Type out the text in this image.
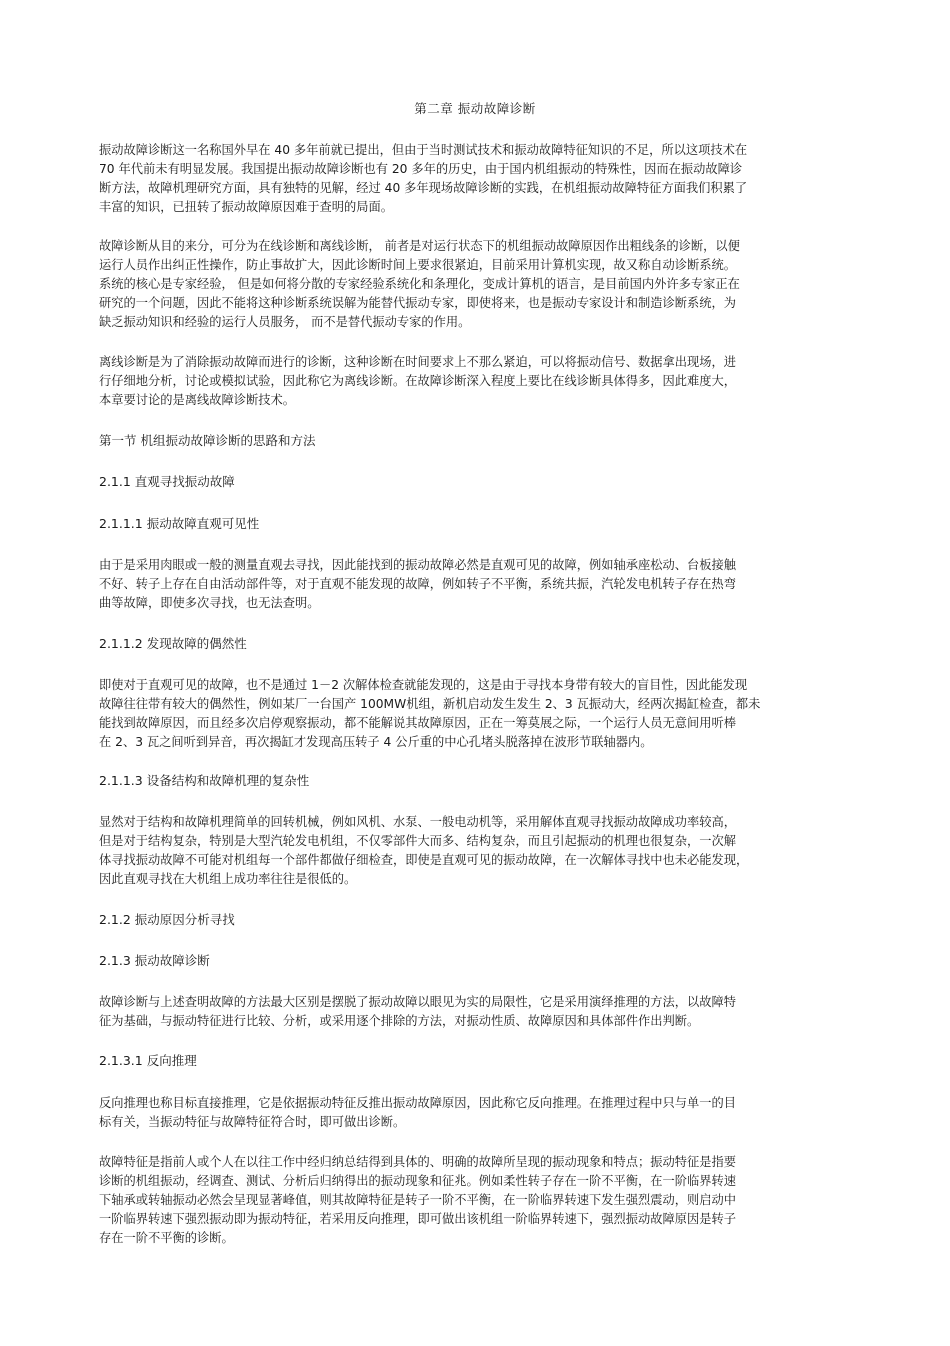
第二章 振动故障诊断
振动故障诊断这一名称国外早在 40 多年前就已提出，但由于当时测试技术和振动故障特征知识的不足，所以这项技术在
70 年代前未有明显发展。我国提出振动故障诊断也有 20 多年的历史，由于国内机组振动的特殊性，因而在振动故障诊
断方法，故障机理研究方面，具有独特的见解，经过 40 多年现场故障诊断的实践，在机组振动故障特征方面我们积累了
丰富的知识，已扭转了振动故障原因难于查明的局面。
故障诊断从目的来分，可分为在线诊断和离线诊断， 前者是对运行状态下的机组振动故障原因作出粗线条的诊断，以便
运行人员作出纠正性操作，防止事故扩大，因此诊断时间上要求很紧迫，目前采用计算机实现，故又称自动诊断系统。
系统的核心是专家经验， 但是如何将分散的专家经验系统化和条理化，变成计算机的语言，是目前国内外许多专家正在
研究的一个问题，因此不能将这种诊断系统误解为能替代振动专家，即使将来，也是振动专家设计和制造诊断系统，为
缺乏振动知识和经验的运行人员服务， 而不是替代振动专家的作用。
离线诊断是为了消除振动故障而进行的诊断，这种诊断在时间要求上不那么紧迫，可以将振动信号、数据拿出现场，进
行仔细地分析，讨论或模拟试验，因此称它为离线诊断。在故障诊断深入程度上要比在线诊断具体得多，因此难度大，
本章要讨论的是离线故障诊断技术。
第一节 机组振动故障诊断的思路和方法
2.1.1 直观寻找振动故障
2.1.1.1 振动故障直观可见性
由于是采用肉眼或一般的测量直观去寻找，因此能找到的振动故障必然是直观可见的故障，例如轴承座松动、台板接触
不好、转子上存在自由活动部件等，对于直观不能发现的故障，例如转子不平衡，系统共振，汽轮发电机转子存在热弯
曲等故障，即使多次寻找，也无法查明。
2.1.1.2 发现故障的偶然性
即使对于直观可见的故障，也不是通过 1－2 次解体检查就能发现的，这是由于寻找本身带有较大的盲目性，因此能发现
故障往往带有较大的偶然性，例如某厂一台国产 100MW机组，新机启动发生发生 2、3 瓦振动大，经两次揭缸检查，都未
能找到故障原因，而且经多次启停观察振动，都不能解说其故障原因，正在一筹莫展之际，一个运行人员无意间用听棒
在 2、3 瓦之间听到异音，再次揭缸才发现高压转子 4 公斤重的中心孔堵头脱落掉在波形节联轴器内。
2.1.1.3 设备结构和故障机理的复杂性
显然对于结构和故障机理简单的回转机械，例如风机、水泵、一般电动机等，采用解体直观寻找振动故障成功率较高，
但是对于结构复杂，特别是大型汽轮发电机组，不仅零部件大而多、结构复杂，而且引起振动的机理也很复杂，一次解
体寻找振动故障不可能对机组每一个部件都做仔细检查，即使是直观可见的振动故障，在一次解体寻找中也未必能发现，
因此直观寻找在大机组上成功率往往是很低的。
2.1.2 振动原因分析寻找
2.1.3 振动故障诊断
故障诊断与上述查明故障的方法最大区别是摆脱了振动故障以眼见为实的局限性，它是采用演绎推理的方法，以故障特
征为基础，与振动特征进行比较、分析，或采用逐个排除的方法，对振动性质、故障原因和具体部件作出判断。
2.1.3.1 反向推理
反向推理也称目标直接推理，它是依据振动特征反推出振动故障原因，因此称它反向推理。在推理过程中只与单一的目
标有关，当振动特征与故障特征符合时，即可做出诊断。
故障特征是指前人或个人在以往工作中经归纳总结得到具体的、明确的故障所呈现的振动现象和特点；振动特征是指要
诊断的机组振动，经调查、测试、分析后归纳得出的振动现象和征兆。例如柔性转子存在一阶不平衡，在一阶临界转速
下轴承或转轴振动必然会呈现显著峰值，则其故障特征是转子一阶不平衡，在一阶临界转速下发生强烈震动，则启动中
一阶临界转速下强烈振动即为振动特征，若采用反向推理，即可做出该机组一阶临界转速下，强烈振动故障原因是转子
存在一阶不平衡的诊断。
